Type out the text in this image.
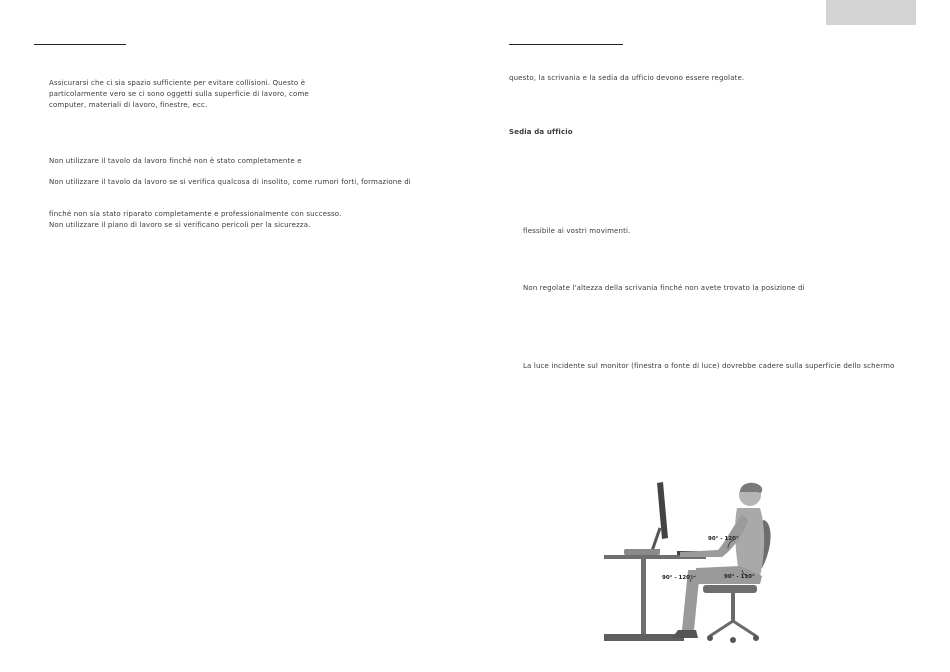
Assicurarsi che ci sia spazio sufficiente per evitare collisioni. Questo è
particolarmente vero se ci sono oggetti sulla superficie di lavoro, come
computer, materiali di lavoro, finestre, ecc.
Non utilizzare il tavolo da lavoro finché non è stato completamente e
Non utilizzare il tavolo da lavoro se si verifica qualcosa di insolito, come rumori forti, formazione di
finché non sia stato riparato completamente e professionalmente con successo.
Non utilizzare il piano di lavoro se si verificano pericoli per la sicurezza.
questo, la scrivania e la sedia da ufficio devono essere regolate.
Sedia da ufficio
flessibile ai vostri movimenti.
Non regolate l'altezza della scrivania finché non avete trovato la posizione di
La luce incidente sul monitor (finestra o fonte di luce) dovrebbe cadere sulla superficie dello schermo
90° - 120°
90° - 120°	90° - 110°
